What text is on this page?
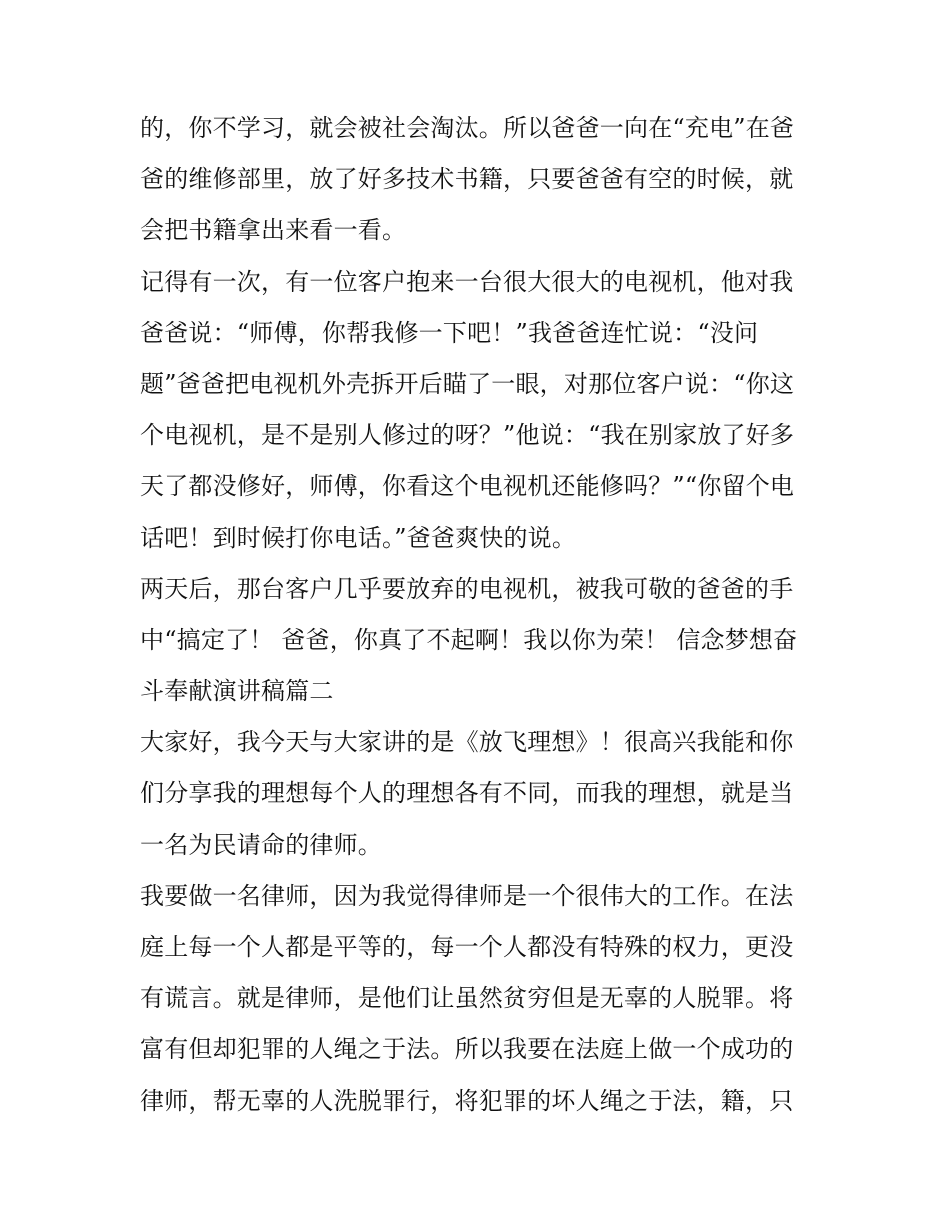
的，你不学习，就会被社会淘汰。所以爸爸一向在“充电”在爸
爸的维修部里，放了好多技术书籍，只要爸爸有空的时候，就
会把书籍拿出来看一看。
记得有一次，有一位客户抱来一台很大很大的电视机，他对我
爸爸说：“师傅，你帮我修一下吧！”我爸爸连忙说：“没问
题”爸爸把电视机外壳拆开后瞄了一眼，对那位客户说：“你这
个电视机，是不是别人修过的呀？”他说：“我在别家放了好多
天了都没修好，师傅，你看这个电视机还能修吗？”“你留个电
话吧！到时候打你电话。”爸爸爽快的说。
两天后，那台客户几乎要放弃的电视机，被我可敬的爸爸的手
中“搞定了！ 爸爸，你真了不起啊！我以你为荣！ 信念梦想奋
斗奉献演讲稿篇二
大家好，我今天与大家讲的是《放飞理想》！很高兴我能和你
们分享我的理想每个人的理想各有不同，而我的理想，就是当
一名为民请命的律师。
我要做一名律师，因为我觉得律师是一个很伟大的工作。在法
庭上每一个人都是平等的，每一个人都没有特殊的权力，更没
有谎言。就是律师，是他们让虽然贫穷但是无辜的人脱罪。将
富有但却犯罪的人绳之于法。所以我要在法庭上做一个成功的
律师，帮无辜的人洗脱罪行，将犯罪的坏人绳之于法，籍，只
